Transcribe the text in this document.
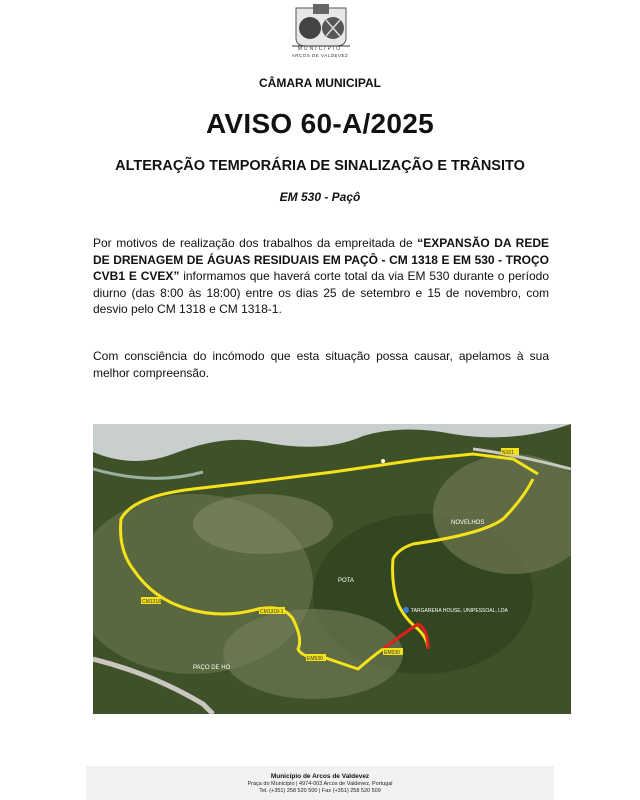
MUNICÍPIO
ARCOS DE VALDEVEZ
CÂMARA MUNICIPAL
AVISO 60-A/2025
ALTERAÇÃO TEMPORÁRIA DE SINALIZAÇÃO E TRÂNSITO
EM 530 - Paçô
Por motivos de realização dos trabalhos da empreitada de “EXPANSÃO DA REDE DE DRENAGEM DE ÁGUAS RESIDUAIS EM PAÇÔ - CM 1318 E EM 530 - TROÇO CVB1 E CVEX” informamos que haverá corte total da via EM 530 durante o período diurno (das 8:00 às 18:00) entre os dias 25 de setembro e 15 de novembro, com desvio pelo CM 1318 e CM 1318-1.
Com consciência do incómodo que esta situação possa causar, apelamos à sua melhor compreensão.
N101
CM1318
CM1318-1
EM530
EM530
NOVELHOS
PAÇO DE HO
POTA
TARGARENA HOUSE, UNIPESSOAL, LDA
Município de Arcos de Valdevez
Praça do Município | 4974-003 Arcos de Valdevez, Portugal
Tel. (+351) 258 520 500 | Fax (+351) 258 520 509
